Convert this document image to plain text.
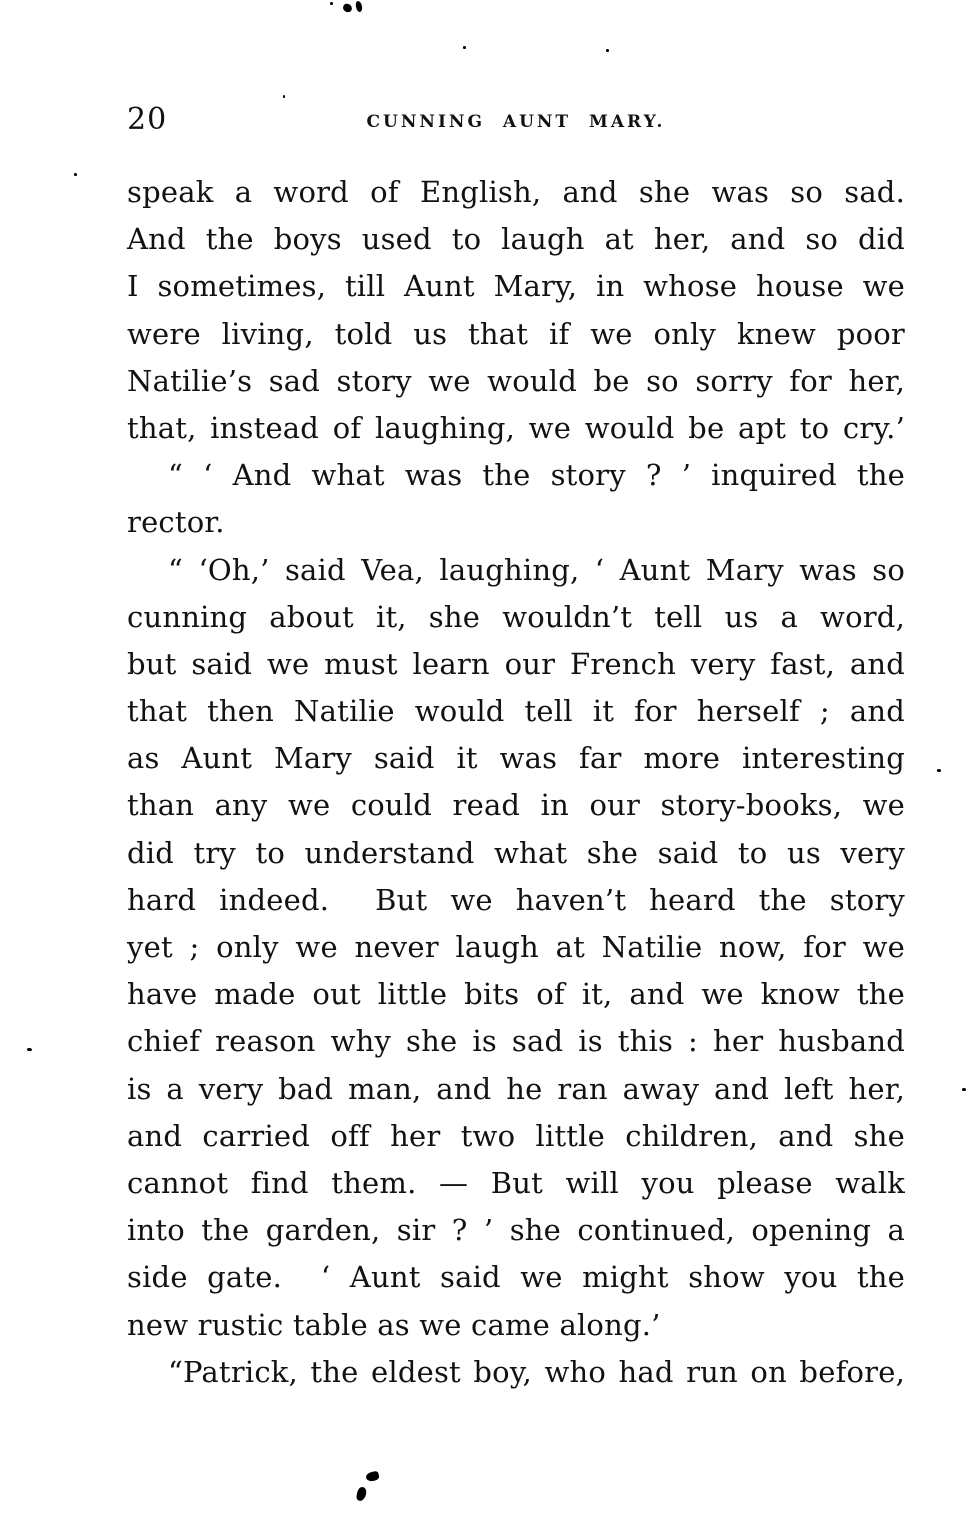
20	CUNNING AUNT MARY.
speak a word of English, and she was so sad.
And the boys used to laugh at her, and so did
I sometimes, till Aunt Mary, in whose house we
were living, told us that if we only knew poor
Natilie’s sad story we would be so sorry for her,
that, instead of laughing, we would be apt to cry.’
“ ‘ And what was the story ? ’ inquired the
rector.
“ ‘Oh,’ said Vea, laughing, ‘ Aunt Mary was so
cunning about it, she wouldn’t tell us a word,
but said we must learn our French very fast, and
that then Natilie would tell it for herself ; and
as Aunt Mary said it was far more interesting
than any we could read in our story-books, we
did try to understand what she said to us very
hard indeed.  But we haven’t heard the story
yet ; only we never laugh at Natilie now, for we
have made out little bits of it, and we know the
chief reason why she is sad is this : her husband
is a very bad man, and he ran away and left her,
and carried off her two little children, and she
cannot find them. — But will you please walk
into the garden, sir ? ’ she continued, opening a
side gate.  ‘ Aunt said we might show you the
new rustic table as we came along.’
“Patrick, the eldest boy, who had run on before,
